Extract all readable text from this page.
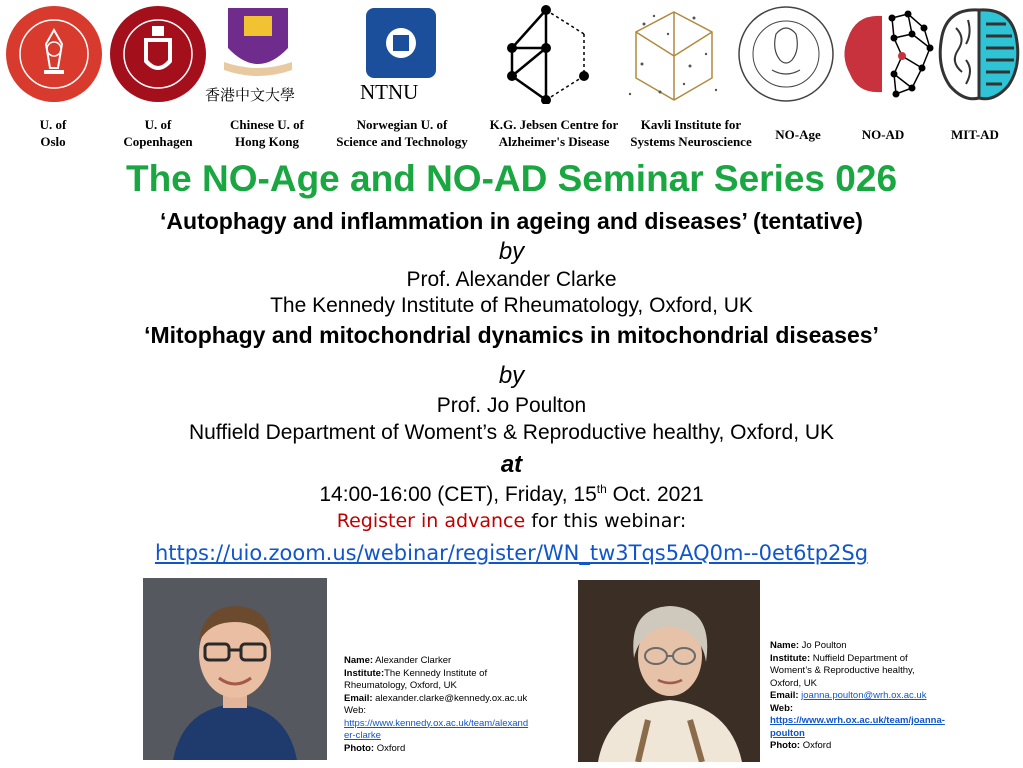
香港中文大學	NTNU
U. of
Oslo
U. of
Copenhagen
Chinese U. of
Hong Kong
Norwegian U. of
Science and Technology
K.G. Jebsen Centre for
Alzheimer's Disease
Kavli Institute for
Systems Neuroscience	NO-Age	NO-AD	MIT-AD
The NO-Age and NO-AD Seminar Series 026
‘Autophagy and inflammation in ageing and diseases’ (tentative)
by
Prof. Alexander Clarke
The Kennedy Institute of Rheumatology, Oxford, UK
‘Mitophagy and mitochondrial dynamics in mitochondrial diseases’
by
Prof. Jo Poulton
Nuffield Department of Woment’s & Reproductive healthy, Oxford, UK
at
14:00-16:00 (CET), Friday, 15th Oct. 2021
Register in advance for this webinar:
https://uio.zoom.us/webinar/register/WN_tw3Tqs5AQ0m--0et6tp2Sg
Name: Alexander Clarker
Institute:The Kennedy Institute of
Rheumatology, Oxford, UK
Email: alexander.clarke@kennedy.ox.ac.uk
Web:
https://www.kennedy.ox.ac.uk/team/alexand
er-clarke
Photo: Oxford
Name: Jo Poulton
Institute: Nuffield Department of
Woment’s & Reproductive healthy,
Oxford, UK
Email: joanna.poulton@wrh.ox.ac.uk
Web:
https://www.wrh.ox.ac.uk/team/joanna-
poulton
Photo: Oxford
